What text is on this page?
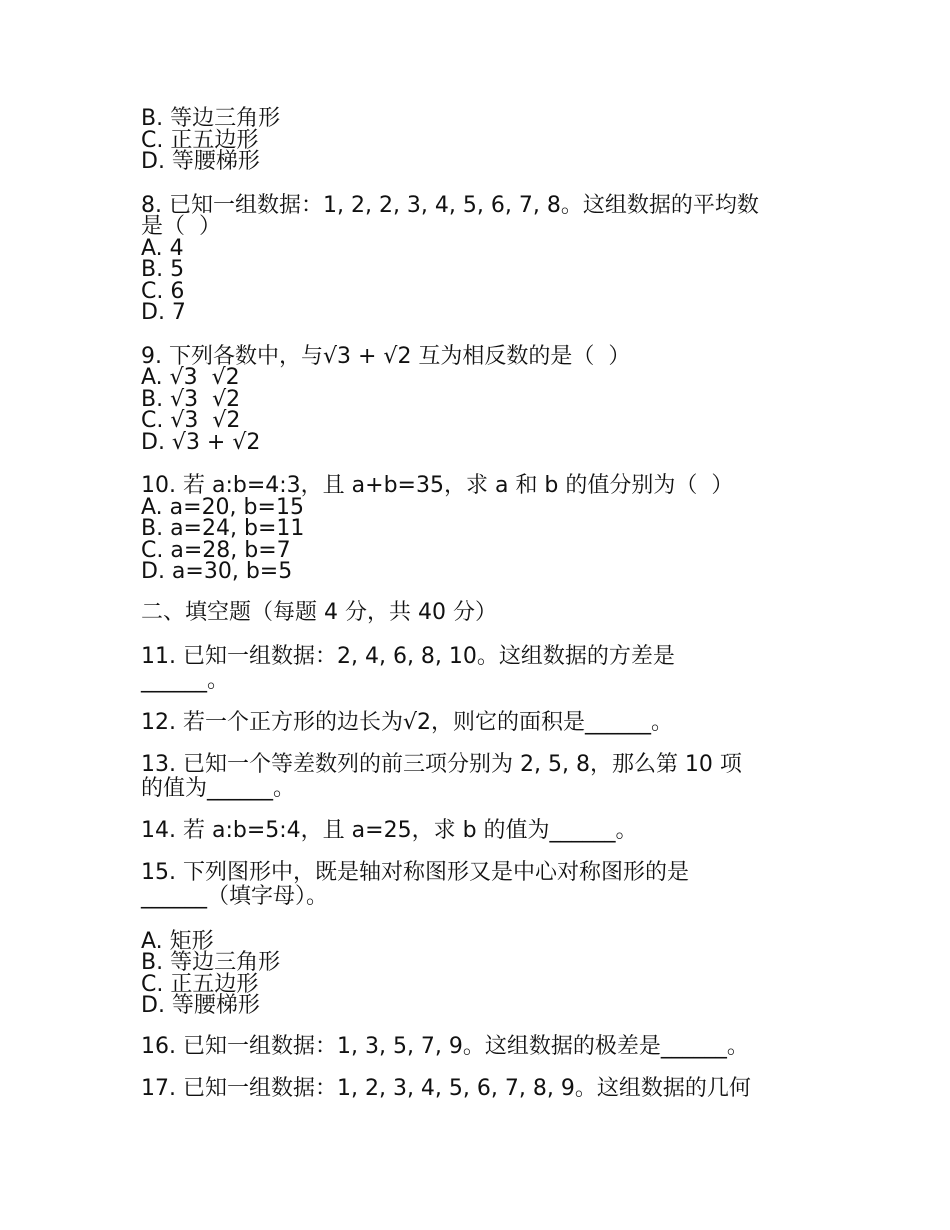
B. 等边三角形
C. 正五边形
D. 等腰梯形
8. 已知一组数据：1, 2, 2, 3, 4, 5, 6, 7, 8。这组数据的平均数
是（  ）
A. 4
B. 5
C. 6
D. 7
9. 下列各数中，与√3 + √2 互为相反数的是（  ）
A. √3  √2
B. √3  √2
C. √3  √2
D. √3 + √2
10. 若 a:b=4:3，且 a+b=35，求 a 和 b 的值分别为（  ）
A. a=20, b=15
B. a=24, b=11
C. a=28, b=7
D. a=30, b=5
二、填空题（每题 4 分，共 40 分）
11. 已知一组数据：2, 4, 6, 8, 10。这组数据的方差是
______。
12. 若一个正方形的边长为√2，则它的面积是______。
13. 已知一个等差数列的前三项分别为 2, 5, 8，那么第 10 项
的值为______。
14. 若 a:b=5:4，且 a=25，求 b 的值为______。
15. 下列图形中，既是轴对称图形又是中心对称图形的是
______（填字母）。
A. 矩形
B. 等边三角形
C. 正五边形
D. 等腰梯形
16. 已知一组数据：1, 3, 5, 7, 9。这组数据的极差是______。
17. 已知一组数据：1, 2, 3, 4, 5, 6, 7, 8, 9。这组数据的几何
